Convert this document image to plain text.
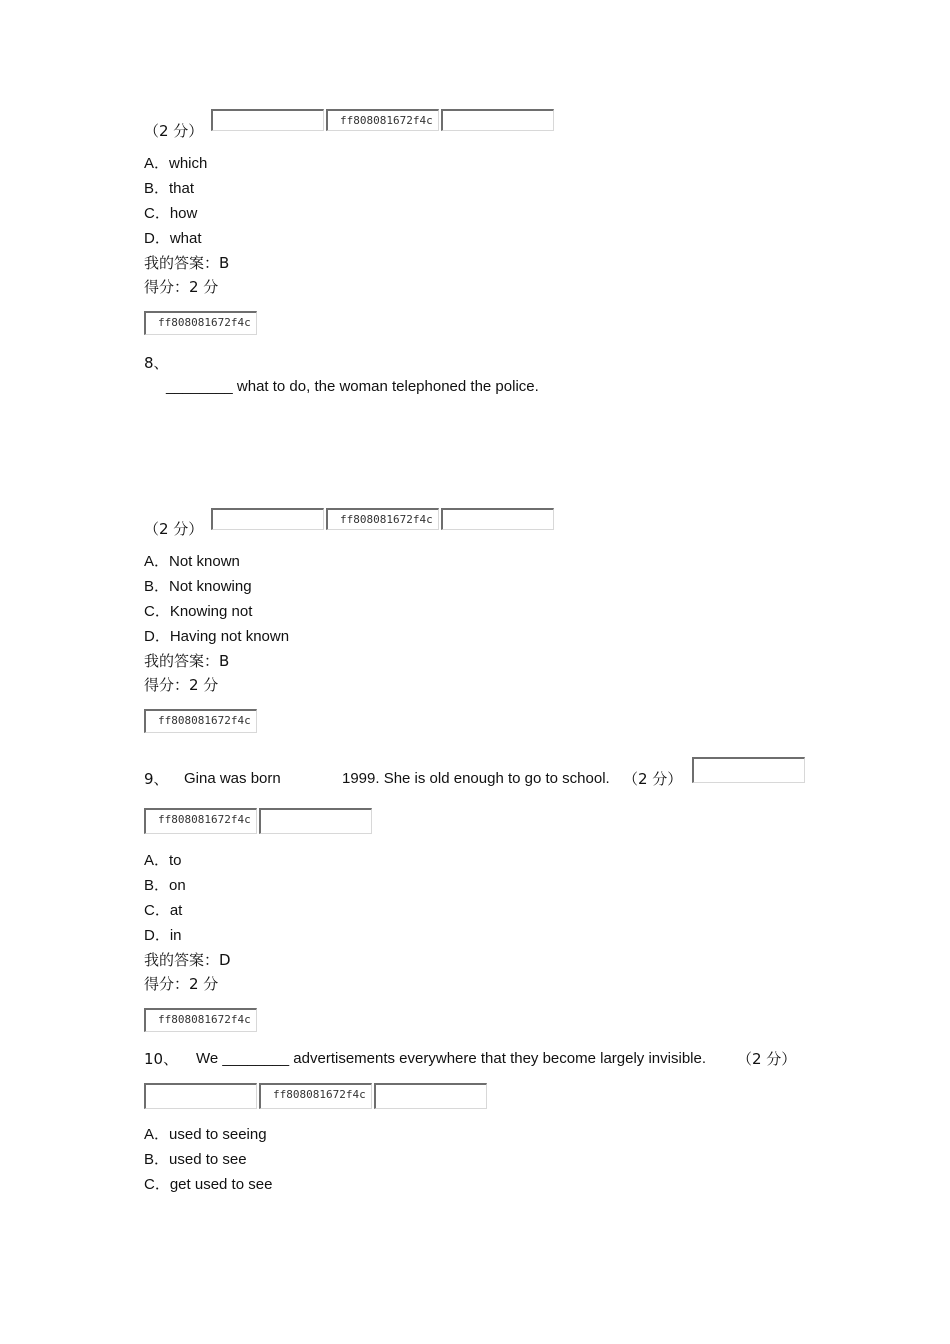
（2 分）
ff808081672f4c
A．which
B．that
C．how
D．what
我的答案：B
得分：2 分
ff808081672f4c
8、
________ what to do, the woman telephoned the police.
（2 分）
ff808081672f4c
A．Not known
B．Not knowing
C．Knowing not
D．Having not known
我的答案：B
得分：2 分
ff808081672f4c
9、 Gina was born	1999. She is old enough to go to school. （2 分）
ff808081672f4c
A．to
B．on
C．at
D．in
我的答案：D
得分：2 分
ff808081672f4c
10、 We ________ advertisements everywhere that they become largely invisible. （2 分）
ff808081672f4c
A．used to seeing
B．used to see
C．get used to see
